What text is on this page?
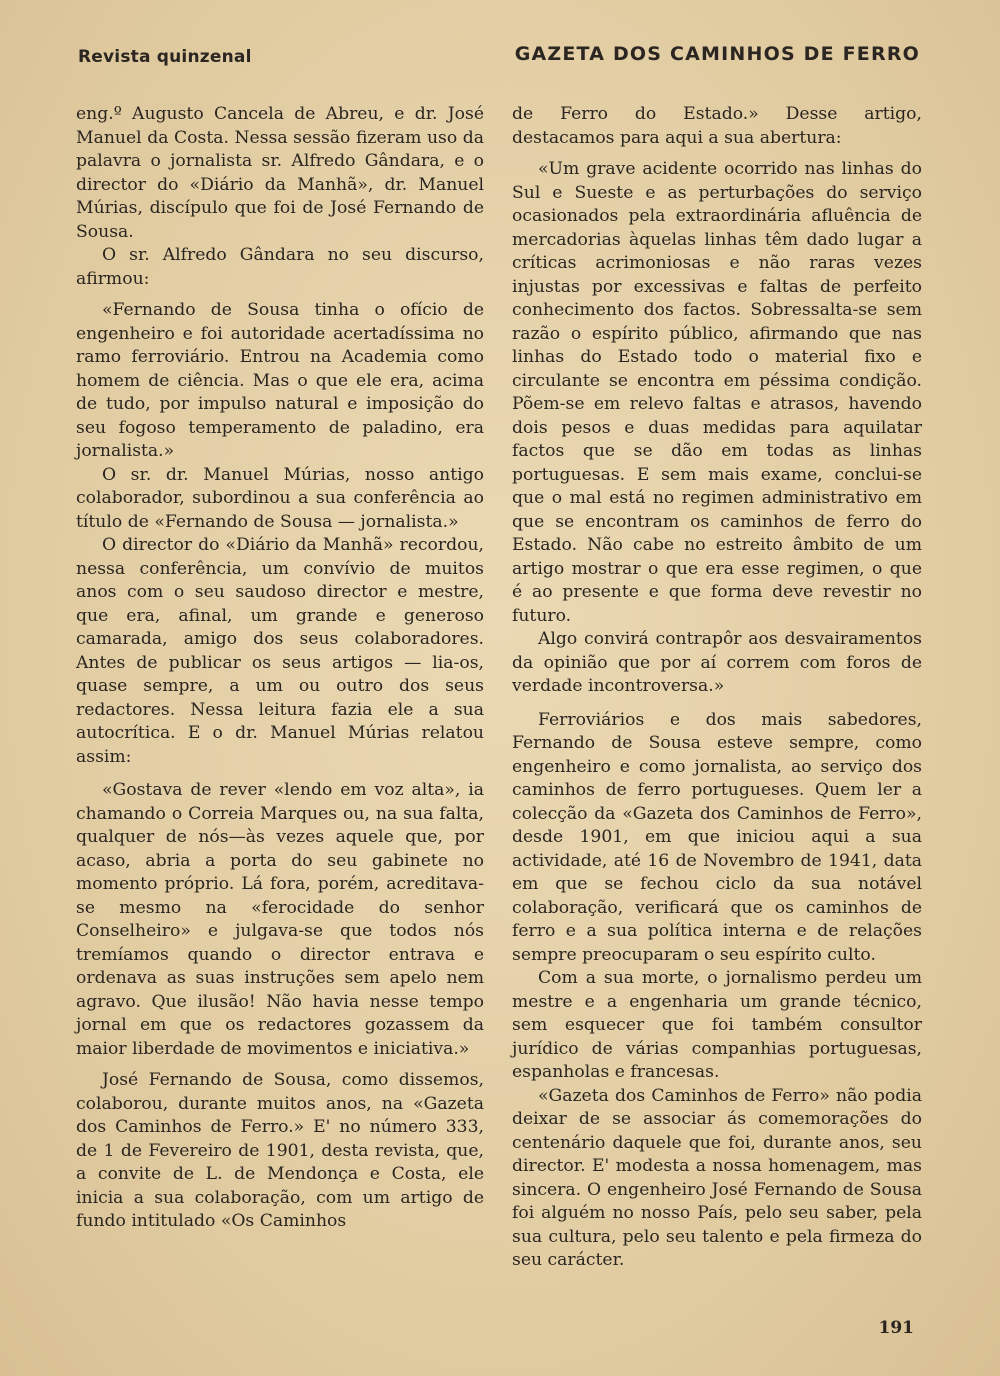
Revista quinzenal	GAZETA DOS CAMINHOS DE FERRO

eng.º Augusto Cancela de Abreu, e dr. José Manuel da Costa. Nessa sessão fizeram uso da palavra o jornalista sr. Alfredo Gândara, e o director do «Diário da Manhã», dr. Manuel Múrias, discípulo que foi de José Fernando de Sousa.

O sr. Alfredo Gândara no seu discurso, afirmou:

«Fernando de Sousa tinha o ofício de engenheiro e foi autoridade acertadíssima no ramo ferroviário. Entrou na Academia como homem de ciência. Mas o que ele era, acima de tudo, por impulso natural e imposição do seu fogoso temperamento de paladino, era jornalista.»

O sr. dr. Manuel Múrias, nosso antigo colaborador, subordinou a sua conferência ao título de «Fernando de Sousa — jornalista.»

O director do «Diário da Manhã» recordou, nessa conferência, um convívio de muitos anos com o seu saudoso director e mestre, que era, afinal, um grande e generoso camarada, amigo dos seus colaboradores. Antes de publicar os seus artigos — lia-os, quase sempre, a um ou outro dos seus redactores. Nessa leitura fazia ele a sua autocrítica. E o dr. Manuel Múrias relatou assim:

«Gostava de rever «lendo em voz alta», ia chamando o Correia Marques ou, na sua falta, qualquer de nós—às vezes aquele que, por acaso, abria a porta do seu gabinete no momento próprio. Lá fora, porém, acreditava-se mesmo na «ferocidade do senhor Conselheiro» e julgava-se que todos nós tremíamos quando o director entrava e ordenava as suas instruções sem apelo nem agravo. Que ilusão! Não havia nesse tempo jornal em que os redactores gozassem da maior liberdade de movimentos e iniciativa.»

José Fernando de Sousa, como dissemos, colaborou, durante muitos anos, na «Gazeta dos Caminhos de Ferro.» E' no número 333, de 1 de Fevereiro de 1901, desta revista, que, a convite de L. de Mendonça e Costa, ele inicia a sua colaboração, com um artigo de fundo intitulado «Os Caminhos

de Ferro do Estado.» Desse artigo, destacamos para aqui a sua abertura:

«Um grave acidente ocorrido nas linhas do Sul e Sueste e as perturbações do serviço ocasionados pela extraordinária afluência de mercadorias àquelas linhas têm dado lugar a críticas acrimoniosas e não raras vezes injustas por excessivas e faltas de perfeito conhecimento dos factos. Sobressalta-se sem razão o espírito público, afirmando que nas linhas do Estado todo o material fixo e circulante se encontra em péssima condição. Põem-se em relevo faltas e atrasos, havendo dois pesos e duas medidas para aquilatar factos que se dão em todas as linhas portuguesas. E sem mais exame, conclui-se que o mal está no regimen administrativo em que se encontram os caminhos de ferro do Estado. Não cabe no estreito âmbito de um artigo mostrar o que era esse regimen, o que é ao presente e que forma deve revestir no futuro.

Algo convirá contrapôr aos desvairamentos da opinião que por aí correm com foros de verdade incontroversa.»

Ferroviários e dos mais sabedores, Fernando de Sousa esteve sempre, como engenheiro e como jornalista, ao serviço dos caminhos de ferro portugueses. Quem ler a colecção da «Gazeta dos Caminhos de Ferro», desde 1901, em que iniciou aqui a sua actividade, até 16 de Novembro de 1941, data em que se fechou ciclo da sua notável colaboração, verificará que os caminhos de ferro e a sua política interna e de relações sempre preocuparam o seu espírito culto.

Com a sua morte, o jornalismo perdeu um mestre e a engenharia um grande técnico, sem esquecer que foi também consultor jurídico de várias companhias portuguesas, espanholas e francesas.

«Gazeta dos Caminhos de Ferro» não podia deixar de se associar ás comemorações do centenário daquele que foi, durante anos, seu director. E' modesta a nossa homenagem, mas sincera. O engenheiro José Fernando de Sousa foi alguém no nosso País, pelo seu saber, pela sua cultura, pelo seu talento e pela firmeza do seu carácter.

191
